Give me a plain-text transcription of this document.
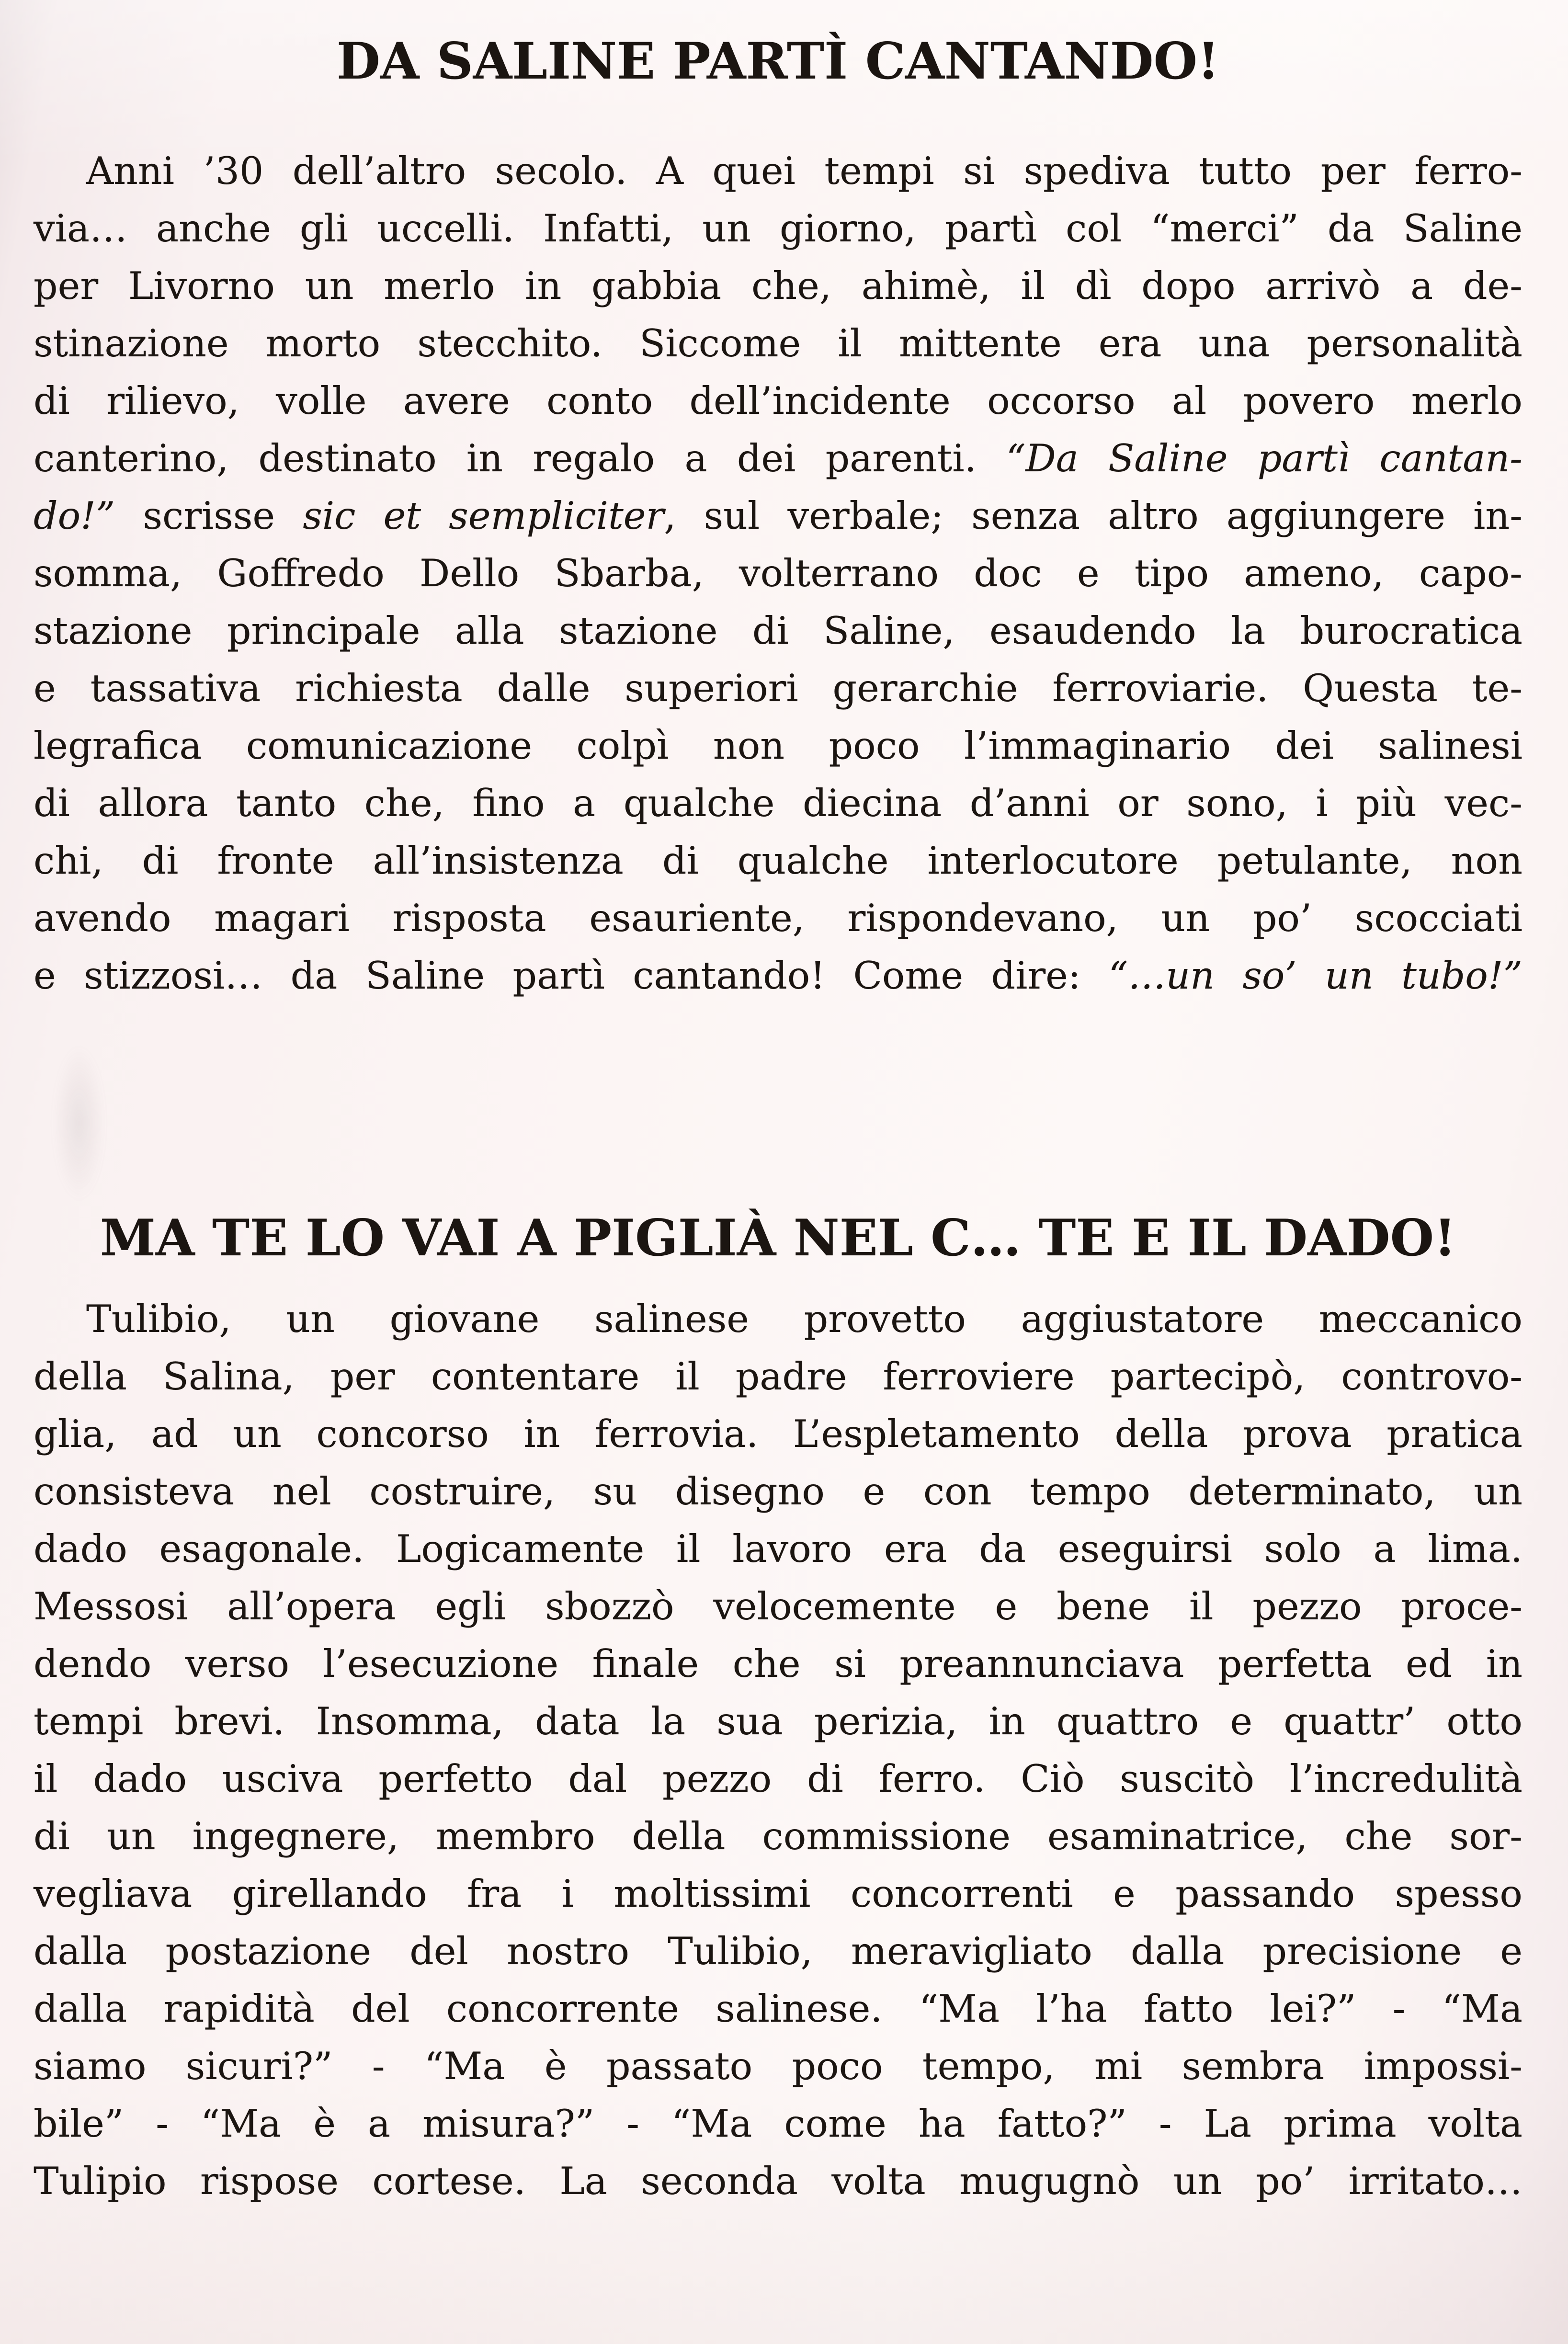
DA SALINE PARTÌ CANTANDO!
Anni ’30 dell’altro secolo. A quei tempi si spediva tutto per ferro-
via… anche gli uccelli. Infatti, un giorno, partì col “merci” da Saline
per Livorno un merlo in gabbia che, ahimè, il dì dopo arrivò a de-
stinazione morto stecchito. Siccome il mittente era una personalità
di rilievo, volle avere conto dell’incidente occorso al povero merlo
canterino, destinato in regalo a dei parenti. “Da Saline partì cantan-
do!” scrisse sic et sempliciter, sul verbale; senza altro aggiungere in-
somma, Goffredo Dello Sbarba, volterrano doc e tipo ameno, capo-
stazione principale alla stazione di Saline, esaudendo la burocratica
e tassativa richiesta dalle superiori gerarchie ferroviarie. Questa te-
legrafica comunicazione colpì non poco l’immaginario dei salinesi
di allora tanto che, fino a qualche diecina d’anni or sono, i più vec-
chi, di fronte all’insistenza di qualche interlocutore petulante, non
avendo magari risposta esauriente, rispondevano, un po’ scocciati
e stizzosi… da Saline partì cantando! Come dire: “…un so’ un tubo!”
MA TE LO VAI A PIGLIÀ NEL C… TE E IL DADO!
Tulibio, un giovane salinese provetto aggiustatore meccanico
della Salina, per contentare il padre ferroviere partecipò, controvo-
glia, ad un concorso in ferrovia. L’espletamento della prova pratica
consisteva nel costruire, su disegno e con tempo determinato, un
dado esagonale. Logicamente il lavoro era da eseguirsi solo a lima.
Messosi all’opera egli sbozzò velocemente e bene il pezzo proce-
dendo verso l’esecuzione finale che si preannunciava perfetta ed in
tempi brevi. Insomma, data la sua perizia, in quattro e quattr’ otto
il dado usciva perfetto dal pezzo di ferro. Ciò suscitò l’incredulità
di un ingegnere, membro della commissione esaminatrice, che sor-
vegliava girellando fra i moltissimi concorrenti e passando spesso
dalla postazione del nostro Tulibio, meravigliato dalla precisione e
dalla rapidità del concorrente salinese. “Ma l’ha fatto lei?” - “Ma
siamo sicuri?” - “Ma è passato poco tempo, mi sembra impossi-
bile” - “Ma è a misura?” - “Ma come ha fatto?” - La prima volta
Tulipio rispose cortese. La seconda volta mugugnò un po’ irritato…
